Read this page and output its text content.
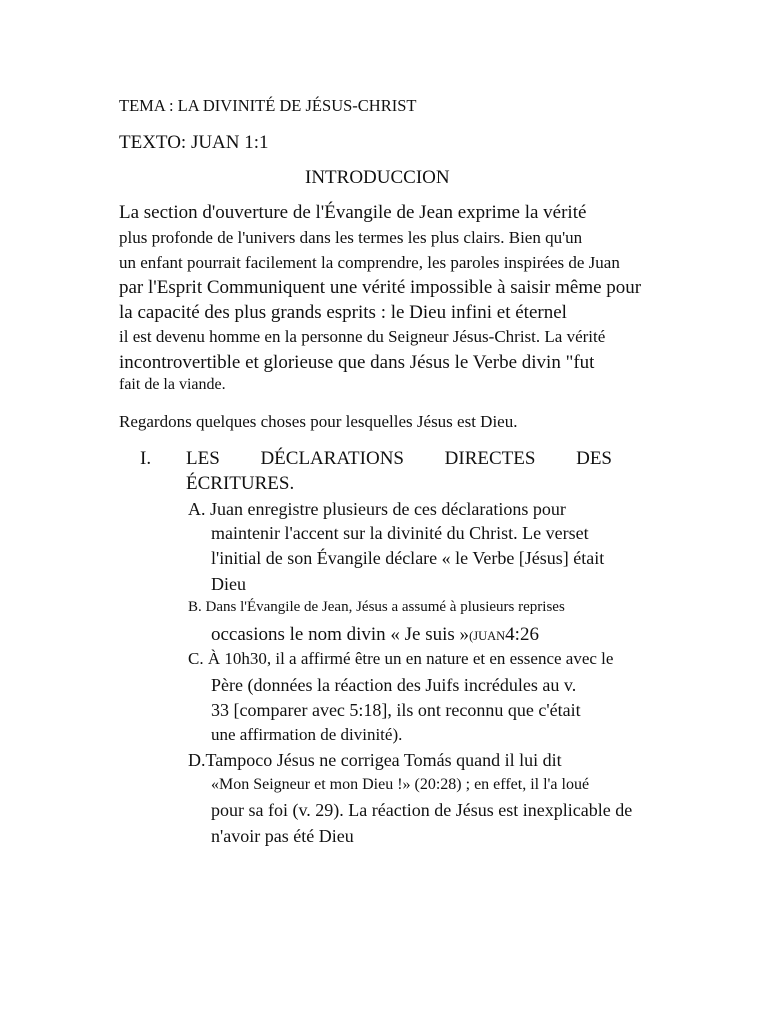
TEMA : LA DIVINITÉ DE JÉSUS-CHRIST
TEXTO: JUAN 1:1
INTRODUCCION
La section d'ouverture de l'Évangile de Jean exprime la vérité
plus profonde de l'univers dans les termes les plus clairs. Bien qu'un
un enfant pourrait facilement la comprendre, les paroles inspirées de Juan
par l'Esprit Communiquent une vérité impossible à saisir même pour
la capacité des plus grands esprits : le Dieu infini et éternel
il est devenu homme en la personne du Seigneur Jésus-Christ. La vérité
incontrovertible et glorieuse que dans Jésus le Verbe divin "fut
fait de la viande.
Regardons quelques choses pour lesquelles Jésus est Dieu.
I. LES DÉCLARATIONS DIRECTES DES
ÉCRITURES.
A. Juan enregistre plusieurs de ces déclarations pour
maintenir l'accent sur la divinité du Christ. Le verset
l'initial de son Évangile déclare « le Verbe [Jésus] était
Dieu
B. Dans l'Évangile de Jean, Jésus a assumé à plusieurs reprises
occasions le nom divin « Je suis »(JUAN4:26
C. À 10h30, il a affirmé être un en nature et en essence avec le
Père (données la réaction des Juifs incrédules au v.
33 [comparer avec 5:18], ils ont reconnu que c'était
une affirmation de divinité).
D.Tampoco Jésus ne corrigea Tomás quand il lui dit
«Mon Seigneur et mon Dieu !» (20:28) ; en effet, il l'a loué
pour sa foi (v. 29). La réaction de Jésus est inexplicable de
n'avoir pas été Dieu
